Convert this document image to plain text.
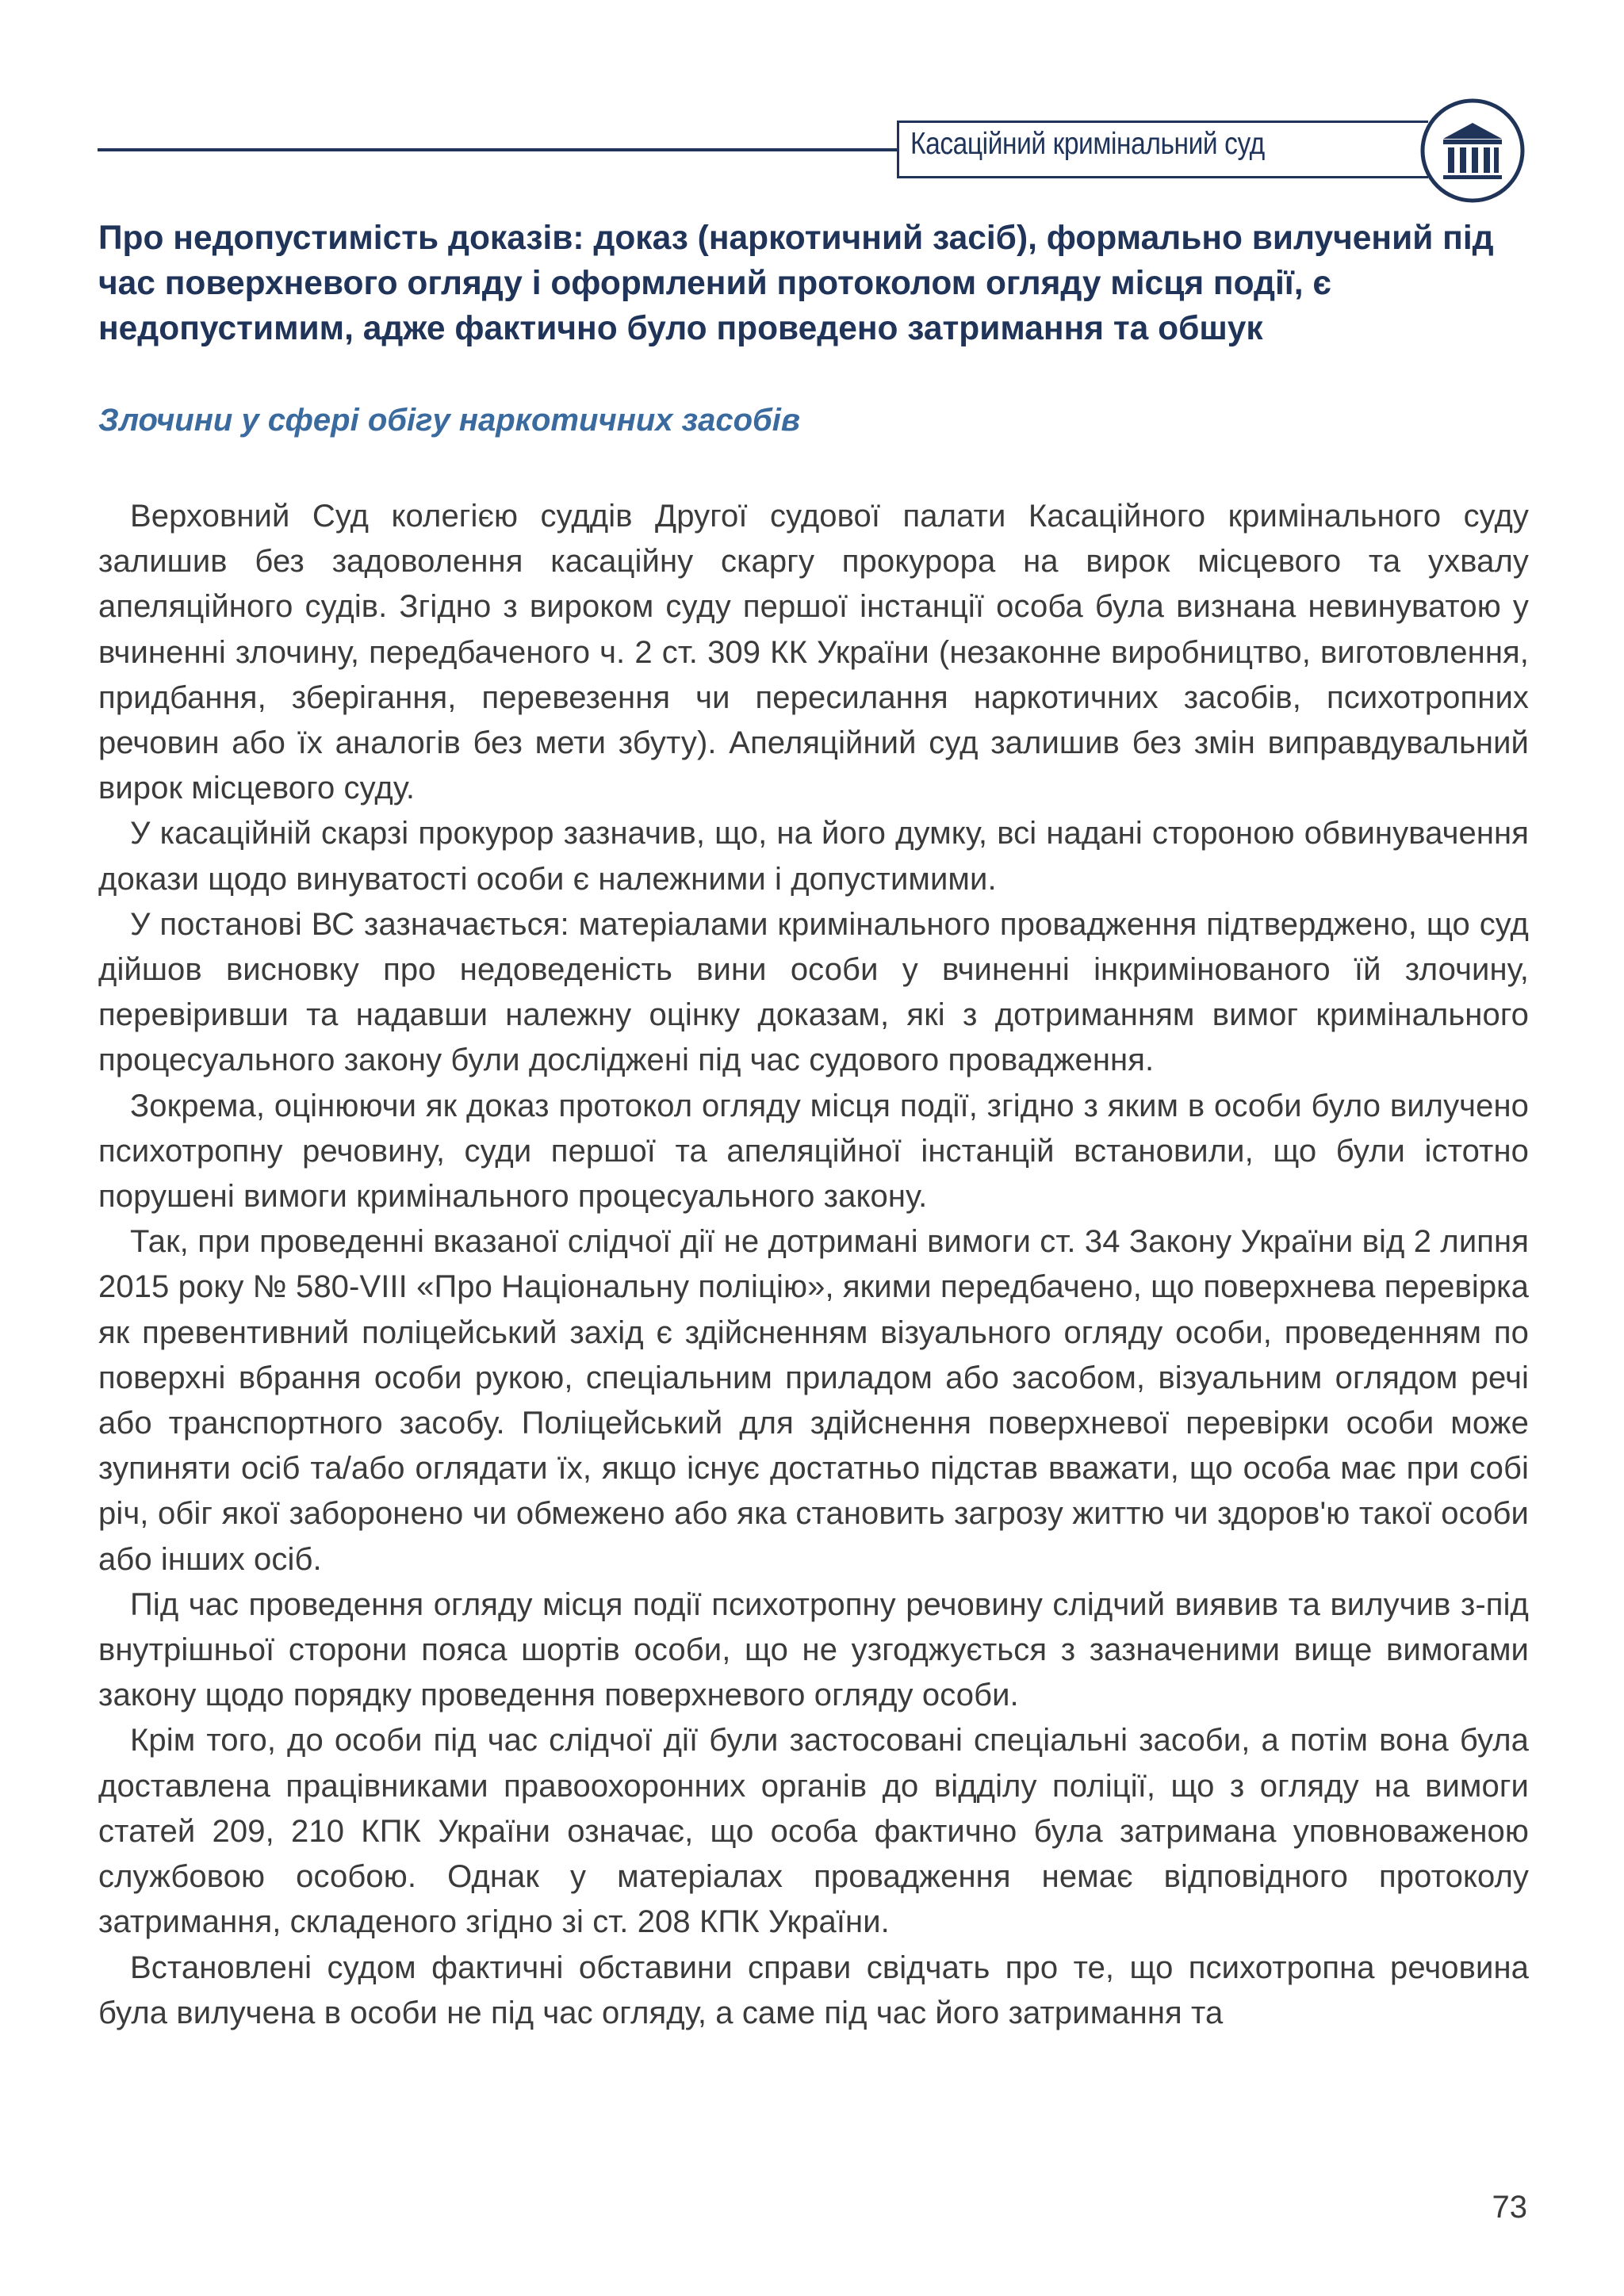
Касаційний кримінальний суд
Про недопустимість доказів: доказ (наркотичний засіб), формально вилучений під час поверхневого огляду і оформлений протоколом огляду місця події, є недопустимим, адже фактично було проведено затримання та обшук
Злочини у сфері обігу наркотичних засобів

Верховний Суд колегією суддів Другої судової палати Касаційного кримінального суду залишив без задоволення касаційну скаргу прокурора на вирок місцевого та ухвалу апеляційного судів. Згідно з вироком суду першої інстанції особа була визнана невинуватою у вчиненні злочину, передбаченого ч. 2 ст. 309 КК України (незаконне виробництво, виготовлення, придбання, зберігання, перевезення чи пересилання наркотичних засобів, психотропних речовин або їх аналогів без мети збуту). Апеляційний суд залишив без змін виправдувальний вирок місцевого суду.

У касаційній скарзі прокурор зазначив, що, на його думку, всі надані стороною обвинувачення докази щодо винуватості особи є належними і допустимими.

У постанові ВС зазначається: матеріалами кримінального провадження підтверджено, що суд дійшов висновку про недоведеність вини особи у вчиненні інкримінованого їй злочину, перевіривши та надавши належну оцінку доказам, які з дотриманням вимог кримінального процесуального закону були досліджені під час судового провадження.

Зокрема, оцінюючи як доказ протокол огляду місця події, згідно з яким в особи було вилучено психотропну речовину, суди першої та апеляційної інстанцій встановили, що були істотно порушені вимоги кримінального процесуального закону.

Так, при проведенні вказаної слідчої дії не дотримані вимоги ст. 34 Закону України від 2 липня 2015 року № 580-VIII «Про Національну поліцію», якими передбачено, що поверхнева перевірка як превентивний поліцейський захід є здійсненням візуального огляду особи, проведенням по поверхні вбрання особи рукою, спеціальним приладом або засобом, візуальним оглядом речі або транспортного засобу. Поліцейський для здійснення поверхневої перевірки особи може зупиняти осіб та/або оглядати їх, якщо існує достатньо підстав вважати, що особа має при собі річ, обіг якої заборонено чи обмежено або яка становить загрозу життю чи здоров'ю такої особи або інших осіб.

Під час проведення огляду місця події психотропну речовину слідчий виявив та вилучив з-під внутрішньої сторони пояса шортів особи, що не узгоджується з зазначеними вище вимогами закону щодо порядку проведення поверхневого огляду особи.

Крім того, до особи під час слідчої дії були застосовані спеціальні засоби, а потім вона була доставлена працівниками правоохоронних органів до відділу поліції, що з огляду на вимоги статей 209, 210 КПК України означає, що особа фактично була затримана уповноваженою службовою особою. Однак у матеріалах провадження немає відповідного протоколу затримання, складеного згідно зі ст. 208 КПК України.

Встановлені судом фактичні обставини справи свідчать про те, що психотропна речовина була вилучена в особи не під час огляду, а саме під час його затримання та

73
